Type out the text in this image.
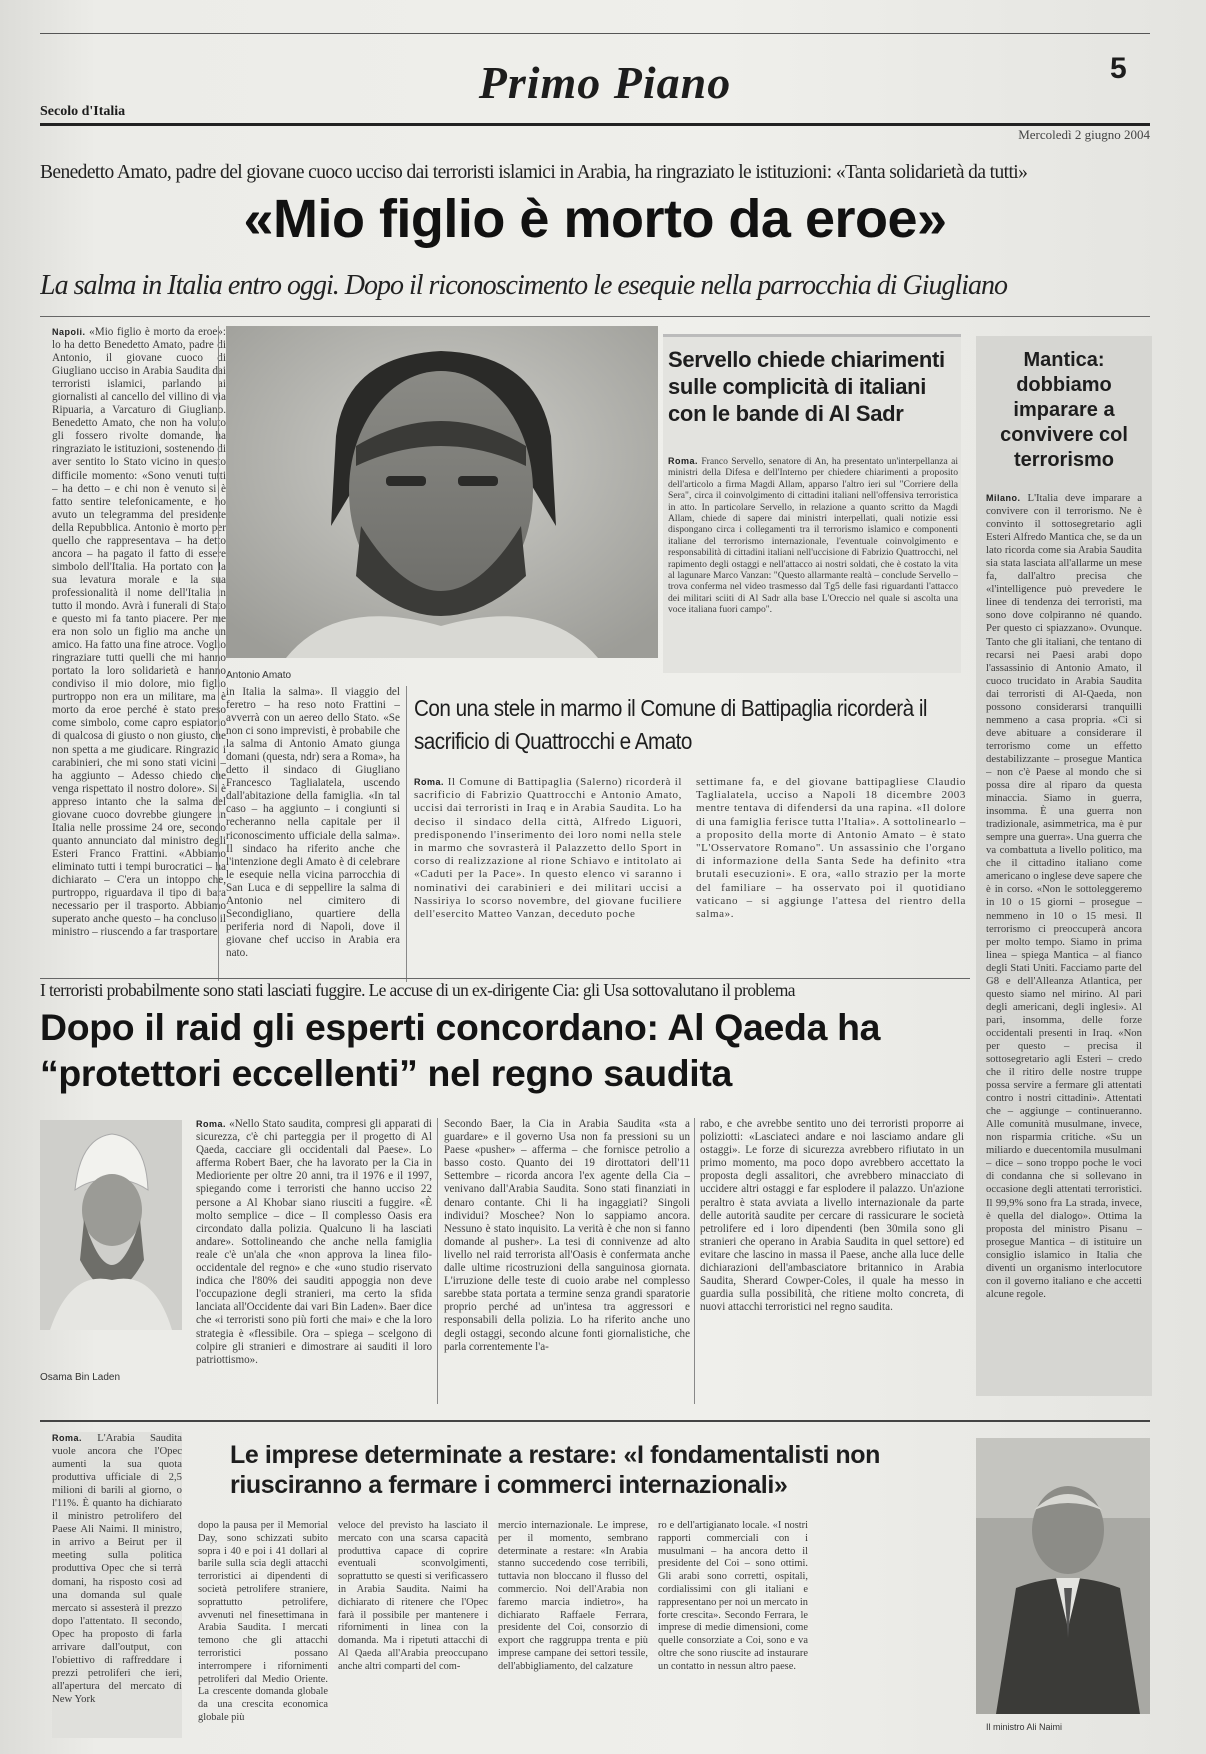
Secolo d'Italia
Primo Piano	5
Mercoledì 2 giugno 2004
Benedetto Amato, padre del giovane cuoco ucciso dai terroristi islamici in Arabia, ha ringraziato le istituzioni: «Tanta solidarietà da tutti»
«Mio figlio è morto da eroe»
La salma in Italia entro oggi. Dopo il riconoscimento le esequie nella parrocchia di Giugliano
Napoli. «Mio figlio è morto da eroe»: lo ha detto Benedetto Amato, padre di Antonio, il giovane cuoco di Giugliano ucciso in Arabia Saudita dai terroristi islamici, parlando ai giornalisti al cancello del villino di via Ripuaria, a Varcaturo di Giugliano. Benedetto Amato, che non ha voluto gli fossero rivolte domande, ha ringraziato le istituzioni, sostenendo di aver sentito lo Stato vicino in questo difficile momento: «Sono venuti tutti – ha detto – e chi non è venuto si è fatto sentire telefonicamente, e ho avuto un telegramma del presidente della Repubblica. Antonio è morto per quello che rappresentava – ha detto ancora – ha pagato il fatto di essere simbolo dell'Italia. Ha portato con la sua levatura morale e la sua professionalità il nome dell'Italia in tutto il mondo. Avrà i funerali di Stato e questo mi fa tanto piacere. Per me era non solo un figlio ma anche un amico. Ha fatto una fine atroce. Voglio ringraziare tutti quelli che mi hanno portato la loro solidarietà e hanno condiviso il mio dolore, mio figlio purtroppo non era un militare, ma è morto da eroe perché è stato preso come simbolo, come capro espiatorio di qualcosa di giusto o non giusto, che non spetta a me giudicare. Ringrazio i carabinieri, che mi sono stati vicini – ha aggiunto – Adesso chiedo che venga rispettato il nostro dolore». Si è appreso intanto che la salma del giovane cuoco dovrebbe giungere in Italia nelle prossime 24 ore, secondo quanto annunciato dal ministro degli Esteri Franco Frattini. «Abbiamo eliminato tutti i tempi burocratici – ha dichiarato – C'era un intoppo che, purtroppo, riguardava il tipo di bara necessario per il trasporto. Abbiamo superato anche questo – ha concluso il ministro – riuscendo a far trasportare
Antonio Amato
in Italia la salma». Il viaggio del feretro – ha reso noto Frattini – avverrà con un aereo dello Stato. «Se non ci sono imprevisti, è probabile che la salma di Antonio Amato giunga domani (questa, ndr) sera a Roma», ha detto il sindaco di Giugliano Francesco Taglialatela, uscendo dall'abitazione della famiglia. «In tal caso – ha aggiunto – i congiunti si recheranno nella capitale per il riconoscimento ufficiale della salma». Il sindaco ha riferito anche che l'intenzione degli Amato è di celebrare le esequie nella vicina parrocchia di San Luca e di seppellire la salma di Antonio nel cimitero di Secondigliano, quartiere della periferia nord di Napoli, dove il giovane chef ucciso in Arabia era nato.
Servello chiede chiarimenti sulle complicità di italiani con le bande di Al Sadr
Roma. Franco Servello, senatore di An, ha presentato un'interpellanza ai ministri della Difesa e dell'Interno per chiedere chiarimenti a proposito dell'articolo a firma Magdi Allam, apparso l'altro ieri sul "Corriere della Sera", circa il coinvolgimento di cittadini italiani nell'offensiva terroristica in atto. In particolare Servello, in relazione a quanto scritto da Magdi Allam, chiede di sapere dai ministri interpellati, quali notizie essi dispongano circa i collegamenti tra il terrorismo islamico e componenti italiane del terrorismo internazionale, l'eventuale coinvolgimento e responsabilità di cittadini italiani nell'uccisione di Fabrizio Quattrocchi, nel rapimento degli ostaggi e nell'attacco ai nostri soldati, che è costato la vita al lagunare Marco Vanzan: "Questo allarmante realtà – conclude Servello – trova conferma nel video trasmesso dal Tg5 delle fasi riguardanti l'attacco dei militari sciiti di Al Sadr alla base L'Oreccio nel quale si ascolta una voce italiana fuori campo".
Mantica: dobbiamo imparare a convivere col terrorismo
Milano. L'Italia deve imparare a convivere con il terrorismo. Ne è convinto il sottosegretario agli Esteri Alfredo Mantica che, se da un lato ricorda come sia Arabia Saudita sia stata lasciata all'allarme un mese fa, dall'altro precisa che «l'intelligence può prevedere le linee di tendenza dei terroristi, ma sono dove colpiranno né quando. Per questo ci spiazzano». Ovunque. Tanto che gli italiani, che tentano di recarsi nei Paesi arabi dopo l'assassinio di Antonio Amato, il cuoco trucidato in Arabia Saudita dai terroristi di Al-Qaeda, non possono considerarsi tranquilli nemmeno a casa propria. «Ci si deve abituare a considerare il terrorismo come un effetto destabilizzante – prosegue Mantica – non c'è Paese al mondo che si possa dire al riparo da questa minaccia. Siamo in guerra, insomma. È una guerra non tradizionale, asimmetrica, ma è pur sempre una guerra». Una guerra che va combattuta a livello politico, ma che il cittadino italiano come americano o inglese deve sapere che è in corso. «Non le sottoleggeremo in 10 o 15 giorni – prosegue – nemmeno in 10 o 15 mesi. Il terrorismo ci preoccuperà ancora per molto tempo. Siamo in prima linea – spiega Mantica – al fianco degli Stati Uniti. Facciamo parte del G8 e dell'Alleanza Atlantica, per questo siamo nel mirino. Al pari degli americani, degli inglesi». Al pari, insomma, delle forze occidentali presenti in Iraq. «Non per questo – precisa il sottosegretario agli Esteri – credo che il ritiro delle nostre truppe possa servire a fermare gli attentati contro i nostri cittadini». Attentati che – aggiunge – continueranno. Alle comunità musulmane, invece, non risparmia critiche. «Su un miliardo e duecentomila musulmani – dice – sono troppo poche le voci di condanna che si sollevano in occasione degli attentati terroristici. Il 99,9% sono fra La strada, invece, è quella del dialogo». Ottima la proposta del ministro Pisanu – prosegue Mantica – di istituire un consiglio islamico in Italia che diventi un organismo interlocutore con il governo italiano e che accetti alcune regole.
Con una stele in marmo il Comune di Battipaglia ricorderà il sacrificio di Quattrocchi e Amato
Roma. Il Comune di Battipaglia (Salerno) ricorderà il sacrificio di Fabrizio Quattrocchi e Antonio Amato, uccisi dai terroristi in Iraq e in Arabia Saudita. Lo ha deciso il sindaco della città, Alfredo Liguori, predisponendo l'inserimento dei loro nomi nella stele in marmo che sovrasterà il Palazzetto dello Sport in corso di realizzazione al rione Schiavo e intitolato ai «Caduti per la Pace». In questo elenco vi saranno i nominativi dei carabinieri e dei militari uccisi a Nassiriya lo scorso novembre, del giovane fuciliere dell'esercito Matteo Vanzan, deceduto poche
settimane fa, e del giovane battipagliese Claudio Taglialatela, ucciso a Napoli 18 dicembre 2003 mentre tentava di difendersi da una rapina. «Il dolore di una famiglia ferisce tutta l'Italia». A sottolinearlo – a proposito della morte di Antonio Amato – è stato "L'Osservatore Romano". Un assassinio che l'organo di informazione della Santa Sede ha definito «tra brutali esecuzioni». E ora, «allo strazio per la morte del familiare – ha osservato poi il quotidiano vaticano – si aggiunge l'attesa del rientro della salma».
I terroristi probabilmente sono stati lasciati fuggire. Le accuse di un ex-dirigente Cia: gli Usa sottovalutano il problema
Dopo il raid gli esperti concordano: Al Qaeda ha “protettori eccellenti” nel regno saudita
Osama Bin Laden
Roma. «Nello Stato saudita, compresi gli apparati di sicurezza, c'è chi parteggia per il progetto di Al Qaeda, cacciare gli occidentali dal Paese». Lo afferma Robert Baer, che ha lavorato per la Cia in Medioriente per oltre 20 anni, tra il 1976 e il 1997, spiegando come i terroristi che hanno ucciso 22 persone a Al Khobar siano riusciti a fuggire. «È molto semplice – dice – Il complesso Oasis era circondato dalla polizia. Qualcuno li ha lasciati andare». Sottolineando che anche nella famiglia reale c'è un'ala che «non approva la linea filo-occidentale del regno» e che «uno studio riservato indica che l'80% dei sauditi appoggia non deve l'occupazione degli stranieri, ma certo la sfida lanciata all'Occidente dai vari Bin Laden». Baer dice che «i terroristi sono più forti che mai» e che la loro strategia è «flessibile. Ora – spiega – scelgono di colpire gli stranieri e dimostrare ai sauditi il loro patriottismo».
Secondo Baer, la Cia in Arabia Saudita «sta a guardare» e il governo Usa non fa pressioni su un Paese «pusher» – afferma – che fornisce petrolio a basso costo. Quanto dei 19 dirottatori dell'11 Settembre – ricorda ancora l'ex agente della Cia – venivano dall'Arabia Saudita. Sono stati finanziati in denaro contante. Chi li ha ingaggiati? Singoli individui? Moschee? Non lo sappiamo ancora. Nessuno è stato inquisito. La verità è che non si fanno domande al pusher». La tesi di connivenze ad alto livello nel raid terrorista all'Oasis è confermata anche dalle ultime ricostruzioni della sanguinosa giornata. L'irruzione delle teste di cuoio arabe nel complesso sarebbe stata portata a termine senza grandi sparatorie proprio perché ad un'intesa tra aggressori e responsabili della polizia. Lo ha riferito anche uno degli ostaggi, secondo alcune fonti giornalistiche, che parla correntemente l'a-
rabo, e che avrebbe sentito uno dei terroristi proporre ai poliziotti: «Lasciateci andare e noi lasciamo andare gli ostaggi». Le forze di sicurezza avrebbero rifiutato in un primo momento, ma poco dopo avrebbero accettato la proposta degli assalitori, che avrebbero minacciato di uccidere altri ostaggi e far esplodere il palazzo. Un'azione peraltro è stata avviata a livello internazionale da parte delle autorità saudite per cercare di rassicurare le società petrolifere ed i loro dipendenti (ben 30mila sono gli stranieri che operano in Arabia Saudita in quel settore) ed evitare che lascino in massa il Paese, anche alla luce delle dichiarazioni dell'ambasciatore britannico in Arabia Saudita, Sherard Cowper-Coles, il quale ha messo in guardia sulla possibilità, che ritiene molto concreta, di nuovi attacchi terroristici nel regno saudita.
Roma. L'Arabia Saudita vuole ancora che l'Opec aumenti la sua quota produttiva ufficiale di 2,5 milioni di barili al giorno, o l'11%. È quanto ha dichiarato il ministro petrolifero del Paese Ali Naimi. Il ministro, in arrivo a Beirut per il meeting sulla politica produttiva Opec che si terrà domani, ha risposto così ad una domanda sul quale mercato si assesterà il prezzo dopo l'attentato. Il secondo, Opec ha proposto di farla arrivare dall'output, con l'obiettivo di raffreddare i prezzi petroliferi che ieri, all'apertura del mercato di New York
Le imprese determinate a restare: «I fondamentalisti non riusciranno a fermare i commerci internazionali»
dopo la pausa per il Memorial Day, sono schizzati subito sopra i 40 e poi i 41 dollari al barile sulla scia degli attacchi terroristici ai dipendenti di società petrolifere straniere, soprattutto petrolifere, avvenuti nel finesettimana in Arabia Saudita. I mercati temono che gli attacchi terroristici possano interrompere i rifornimenti petroliferi dal Medio Oriente. La crescente domanda globale da una crescita economica globale più
veloce del previsto ha lasciato il mercato con una scarsa capacità produttiva capace di coprire eventuali sconvolgimenti, soprattutto se questi si verificassero in Arabia Saudita. Naimi ha dichiarato di ritenere che l'Opec farà il possibile per mantenere i rifornimenti in linea con la domanda. Ma i ripetuti attacchi di Al Qaeda all'Arabia preoccupano anche altri comparti del com-
mercio internazionale. Le imprese, per il momento, sembrano determinate a restare: «In Arabia stanno succedendo cose terribili, tuttavia non bloccano il flusso del commercio. Noi dell'Arabia non faremo marcia indietro», ha dichiarato Raffaele Ferrara, presidente del Coi, consorzio di export che raggruppa trenta e più imprese campane dei settori tessile, dell'abbigliamento, del calzature
ro e dell'artigianato locale. «I nostri rapporti commerciali con i musulmani – ha ancora detto il presidente del Coi – sono ottimi. Gli arabi sono corretti, ospitali, cordialissimi con gli italiani e rappresentano per noi un mercato in forte crescita». Secondo Ferrara, le imprese di medie dimensioni, come quelle consorziate a Coi, sono e va oltre che sono riuscite ad instaurare un contatto in nessun altro paese.
Il ministro Ali Naimi
